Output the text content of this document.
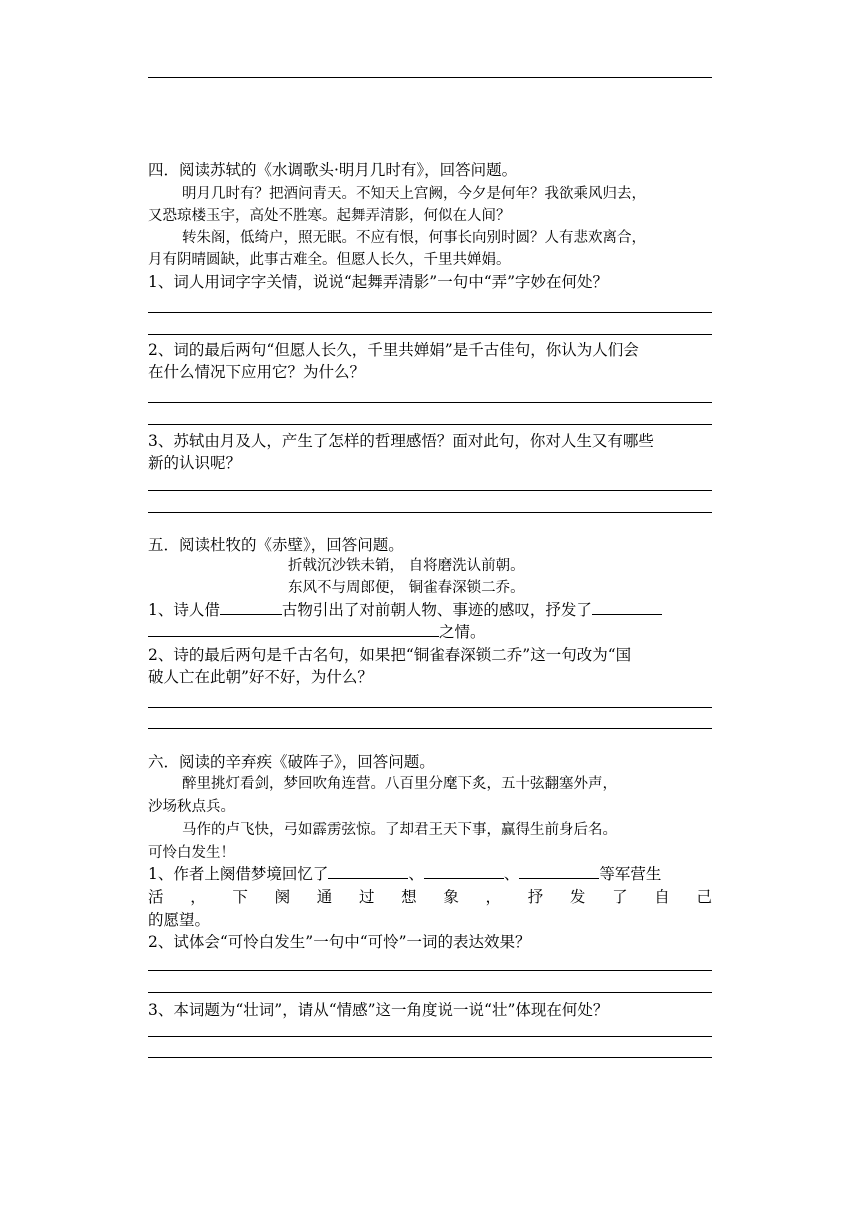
四．阅读苏轼的《水调歌头·明月几时有》，回答问题。
明月几时有？把酒问青天。不知天上宫阙，今夕是何年？我欲乘风归去，
又恐琼楼玉宇，高处不胜寒。起舞弄清影，何似在人间？
转朱阁，低绮户，照无眠。不应有恨，何事长向别时圆？人有悲欢离合，
月有阴晴圆缺，此事古难全。但愿人长久，千里共婵娟。
1、词人用词字字关情，说说“起舞弄清影”一句中“弄”字妙在何处？
2、词的最后两句“但愿人长久，千里共婵娟”是千古佳句，你认为人们会
在什么情况下应用它？为什么？
3、苏轼由月及人，产生了怎样的哲理感悟？面对此句，你对人生又有哪些
新的认识呢？
五．阅读杜牧的《赤壁》，回答问题。
折戟沉沙铁未销， 自将磨洗认前朝。
东风不与周郎便， 铜雀春深锁二乔。
1、诗人借	古物引出了对前朝人物、事迹的感叹，抒发了
之情。
2、诗的最后两句是千古名句，如果把“铜雀春深锁二乔”这一句改为“国
破人亡在此朝”好不好，为什么？
六．阅读的辛弃疾《破阵子》，回答问题。
醉里挑灯看剑，梦回吹角连营。八百里分麾下炙，五十弦翻塞外声，
沙场秋点兵。
马作的卢飞快，弓如霹雳弦惊。了却君王天下事，赢得生前身后名。
可怜白发生！
1、作者上阕借梦境回忆了	、	、	等军营生
活 ， 下 阕 通 过 想 象 ， 抒 发 了 自 己
的愿望。
2、试体会“可怜白发生”一句中“可怜”一词的表达效果？
3、本词题为“壮词”，请从“情感”这一角度说一说“壮”体现在何处？
